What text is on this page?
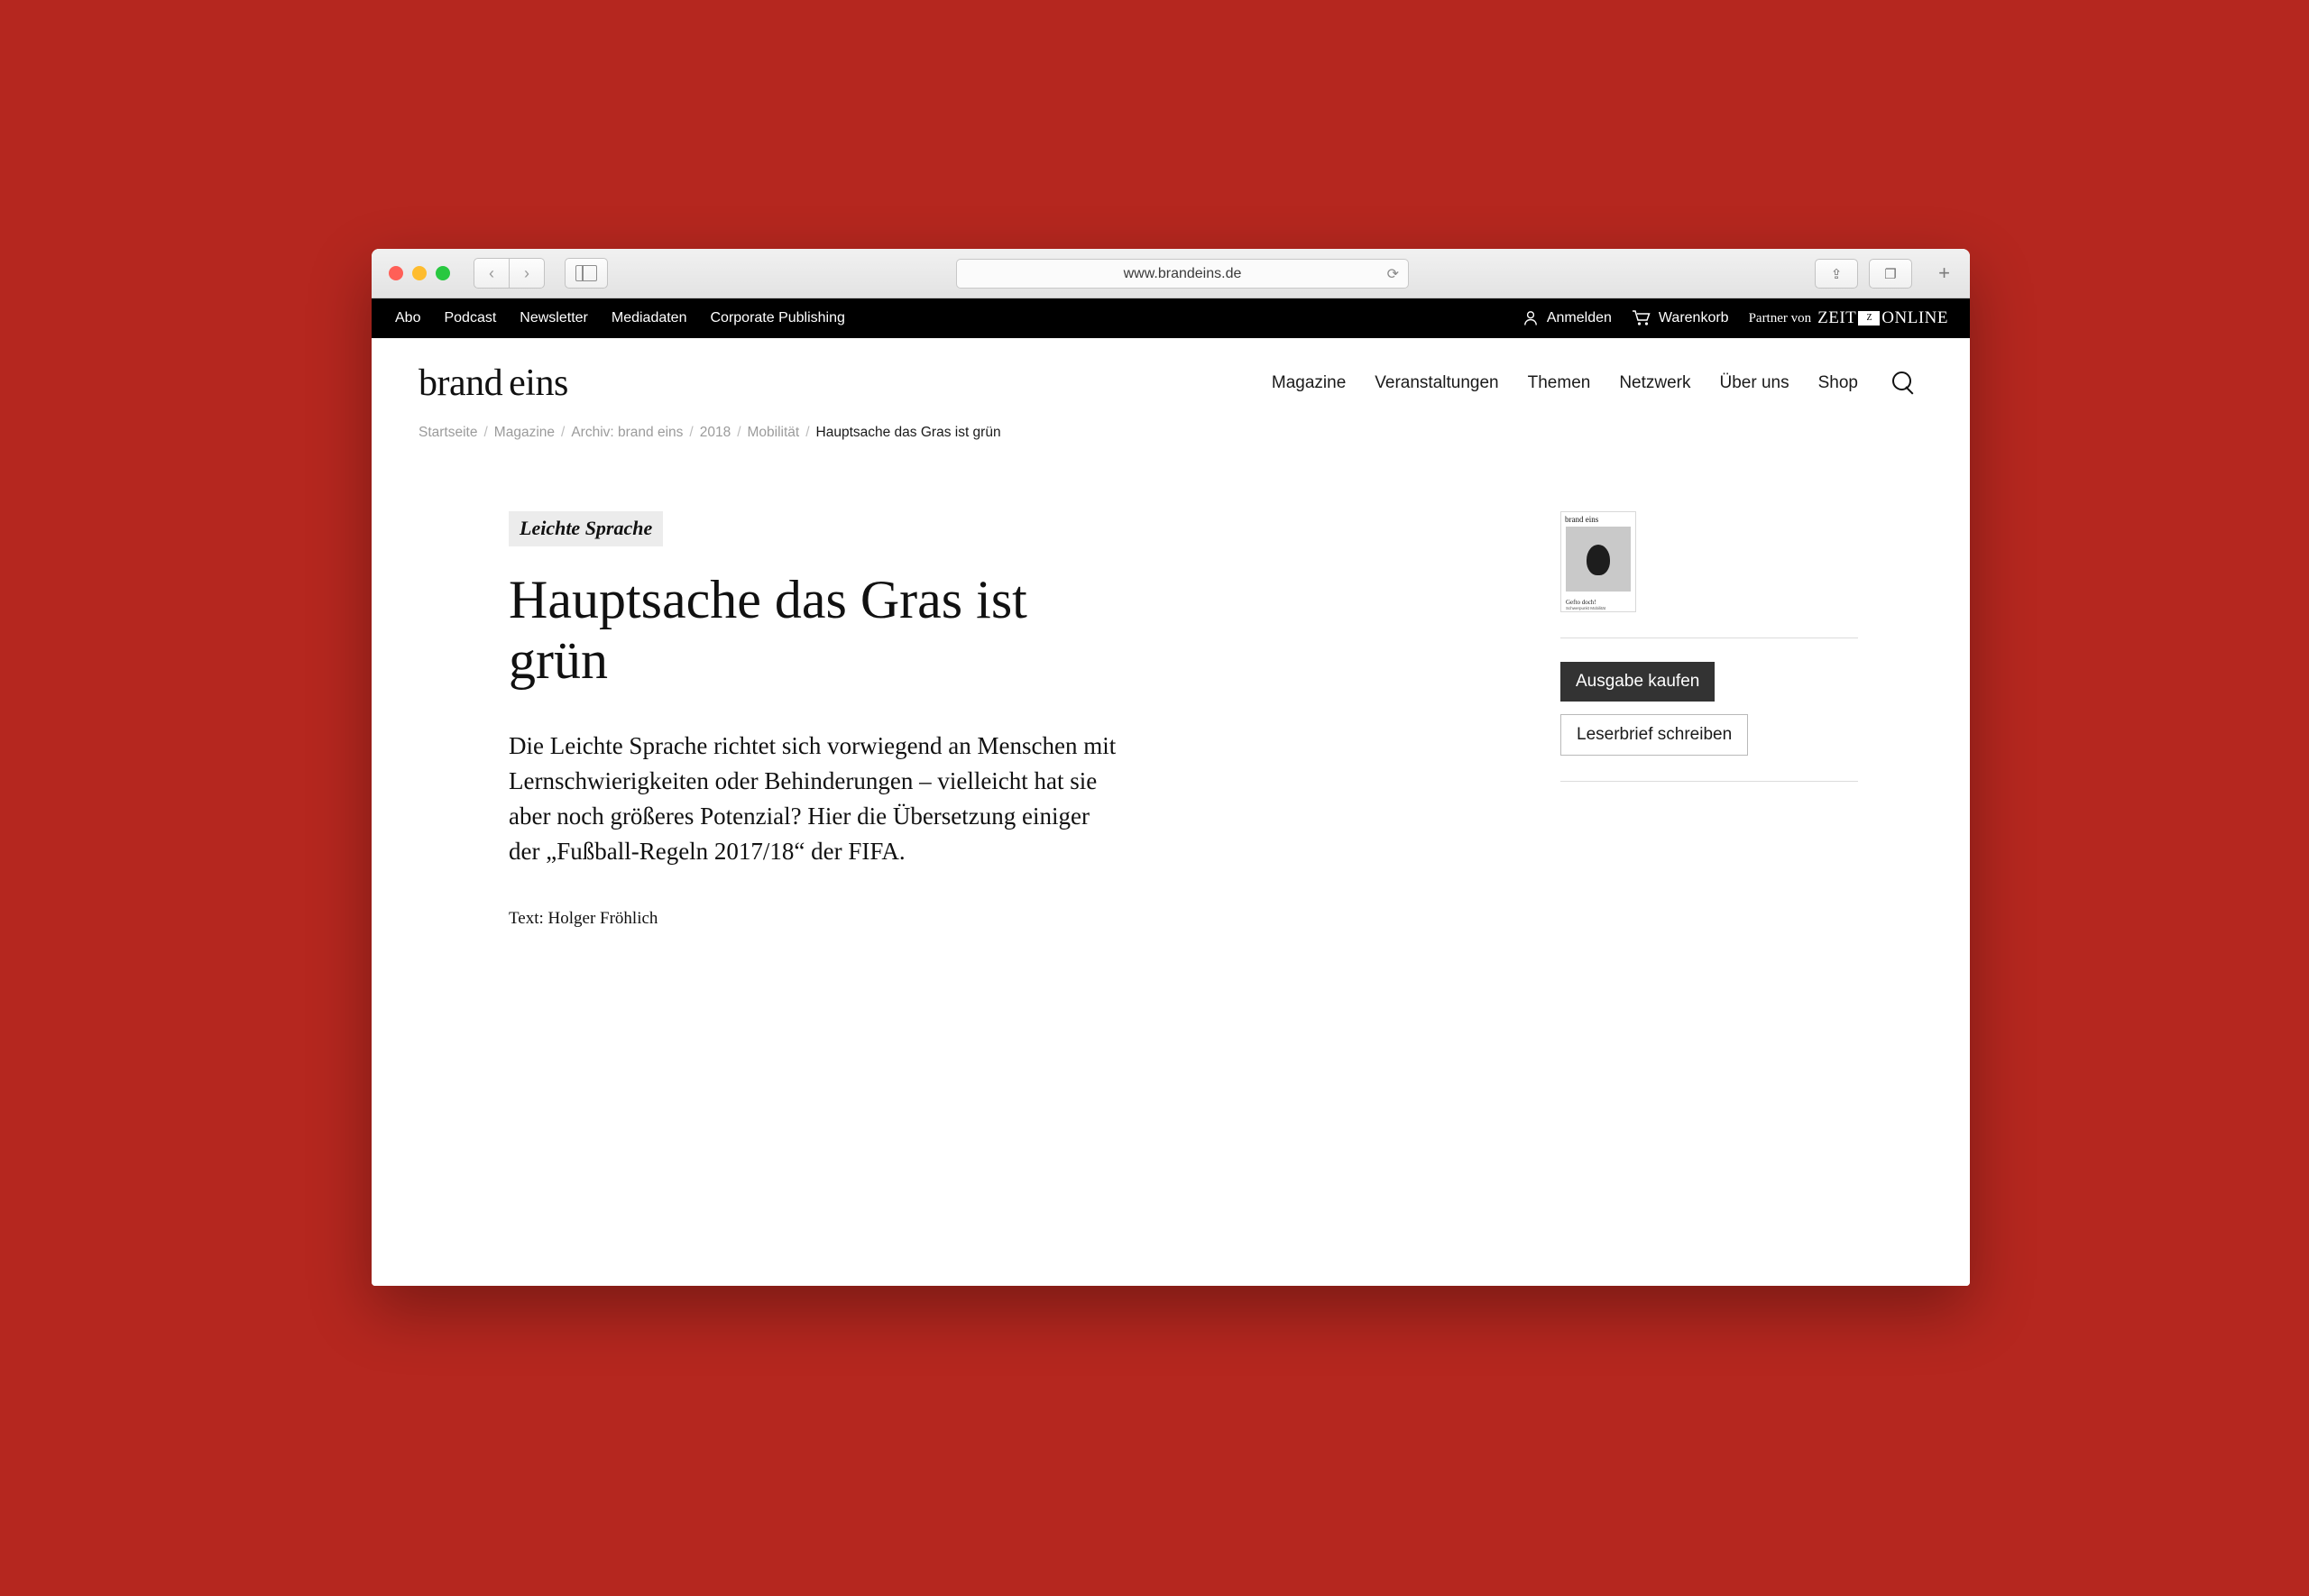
‹	›	www.brandeins.de	⟳	⇪	❐	+
Abo Podcast Newsletter Mediadaten Corporate Publishing	Anmelden	Warenkorb Partner von ZEIT	Z ONLINE
brand eins	Magazine Veranstaltungen Themen Netzwerk Über uns Shop
Startseite / Magazine / Archiv: brand eins / 2018 / Mobilität / Hauptsache das Gras ist grün
Leichte Sprache
Hauptsache das Gras ist grün

Die Leichte Sprache richtet sich vorwiegend an Menschen mit Lernschwierigkeiten oder Behinderungen – vielleicht hat sie aber noch größeres Potenzial? Hier die Übersetzung einiger der „Fußball-Regeln 2017/18“ der FIFA.

Text: Holger Fröhlich

brand eins
Gefto doch!
Schwerpunkt Mobilität
Ausgabe kaufen
Leserbrief schreiben
